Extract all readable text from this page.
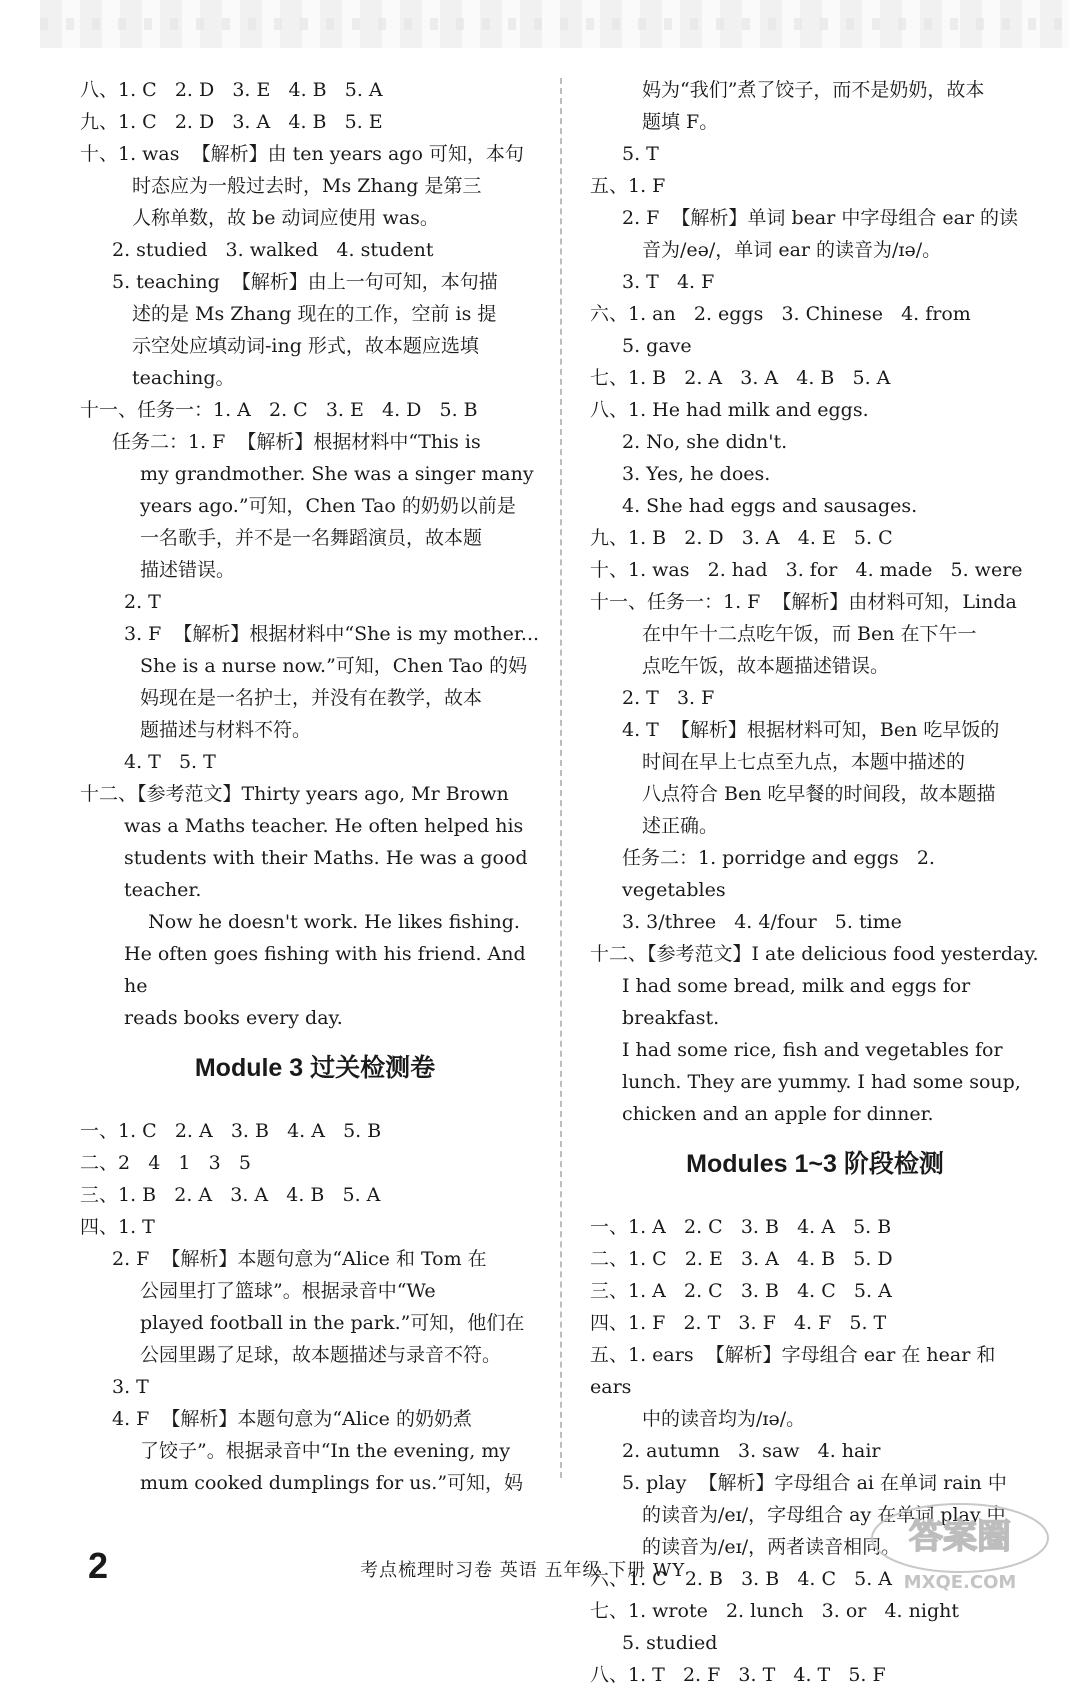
八、1. C   2. D   3. E   4. B   5. A

九、1. C   2. D   3. A   4. B   5. E

十、1. was  【解析】由 ten years ago 可知，本句

时态应为一般过去时，Ms Zhang 是第三

人称单数，故 be 动词应使用 was。

2. studied   3. walked   4. student

5. teaching  【解析】由上一句可知，本句描

述的是 Ms Zhang 现在的工作，空前 is 提

示空处应填动词-ing 形式，故本题应选填

teaching。

十一、任务一：1. A   2. C   3. E   4. D   5. B

任务二：1. F  【解析】根据材料中“This is

my grandmother. She was a singer many

years ago.”可知，Chen Tao 的奶奶以前是

一名歌手，并不是一名舞蹈演员，故本题

描述错误。

2. T

3. F  【解析】根据材料中“She is my mother...

She is a nurse now.”可知，Chen Tao 的妈

妈现在是一名护士，并没有在教学，故本

题描述与材料不符。

4. T   5. T

十二、【参考范文】Thirty years ago, Mr Brown

was a Maths teacher. He often helped his

students with their Maths. He was a good

teacher.

Now he doesn't work. He likes fishing.

He often goes fishing with his friend. And he

reads books every day.

Module 3 过关检测卷

一、1. C   2. A   3. B   4. A   5. B

二、2   4   1   3   5

三、1. B   2. A   3. A   4. B   5. A

四、1. T

2. F  【解析】本题句意为“Alice 和 Tom 在

公园里打了篮球”。根据录音中“We

played football in the park.”可知，他们在

公园里踢了足球，故本题描述与录音不符。

3. T

4. F  【解析】本题句意为“Alice 的奶奶煮

了饺子”。根据录音中“In the evening, my

mum cooked dumplings for us.”可知，妈

妈为“我们”煮了饺子，而不是奶奶，故本

题填 F。

5. T

五、1. F

2. F  【解析】单词 bear 中字母组合 ear 的读

音为/eə/，单词 ear 的读音为/ɪə/。

3. T   4. F

六、1. an   2. eggs   3. Chinese   4. from

5. gave

七、1. B   2. A   3. A   4. B   5. A

八、1. He had milk and eggs.

2. No, she didn't.

3. Yes, he does.

4. She had eggs and sausages.

九、1. B   2. D   3. A   4. E   5. C

十、1. was   2. had   3. for   4. made   5. were

十一、任务一：1. F  【解析】由材料可知，Linda

在中午十二点吃午饭，而 Ben 在下午一

点吃午饭，故本题描述错误。

2. T   3. F

4. T  【解析】根据材料可知，Ben 吃早饭的

时间在早上七点至九点，本题中描述的

八点符合 Ben 吃早餐的时间段，故本题描

述正确。

任务二：1. porridge and eggs   2. vegetables

3. 3/three   4. 4/four   5. time

十二、【参考范文】I ate delicious food yesterday.

I had some bread, milk and eggs for breakfast.

I had some rice, fish and vegetables for

lunch. They are yummy. I had some soup,

chicken and an apple for dinner.

Modules 1~3 阶段检测

一、1. A   2. C   3. B   4. A   5. B

二、1. C   2. E   3. A   4. B   5. D

三、1. A   2. C   3. B   4. C   5. A

四、1. F   2. T   3. F   4. F   5. T

五、1. ears  【解析】字母组合 ear 在 hear 和 ears

中的读音均为/ɪə/。

2. autumn   3. saw   4. hair

5. play  【解析】字母组合 ai 在单词 rain 中

的读音为/eɪ/，字母组合 ay 在单词 play 中

的读音为/eɪ/，两者读音相同。

六、1. C   2. B   3. B   4. C   5. A

七、1. wrote   2. lunch   3. or   4. night

5. studied

八、1. T   2. F   3. T   4. T   5. F

2	考点梳理时习卷 英语 五年级 下册 WY
答案圈
MXQE.COM
